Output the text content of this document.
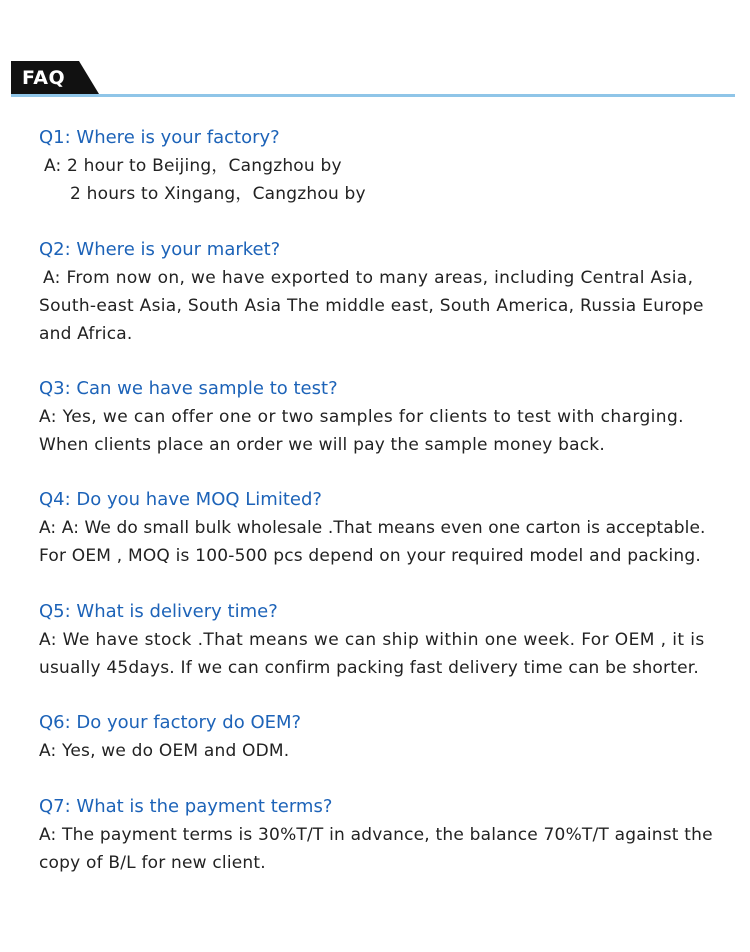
FAQ
Q1: Where is your factory?
A: 2 hour to Beijing，Cangzhou by
2 hours to Xingang，Cangzhou by
Q2: Where is your market?
A: From now on, we have exported to many areas, including Central Asia,
South-east Asia, South Asia The middle east, South America, Russia Europe
and Africa.
Q3: Can we have sample to test?
A: Yes, we can offer one or two samples for clients to test with charging.
When clients place an order we will pay the sample money back.
Q4: Do you have MOQ Limited?
A: A: We do small bulk wholesale .That means even one carton is acceptable.
For OEM , MOQ is 100-500 pcs depend on your required model and packing.
Q5: What is delivery time?
A: We have stock .That means we can ship within one week. For OEM , it is
usually 45days. If we can confirm packing fast delivery time can be shorter.
Q6: Do your factory do OEM?
A: Yes, we do OEM and ODM.
Q7: What is the payment terms?
A: The payment terms is 30%T/T in advance, the balance 70%T/T against the
copy of B/L for new client.
